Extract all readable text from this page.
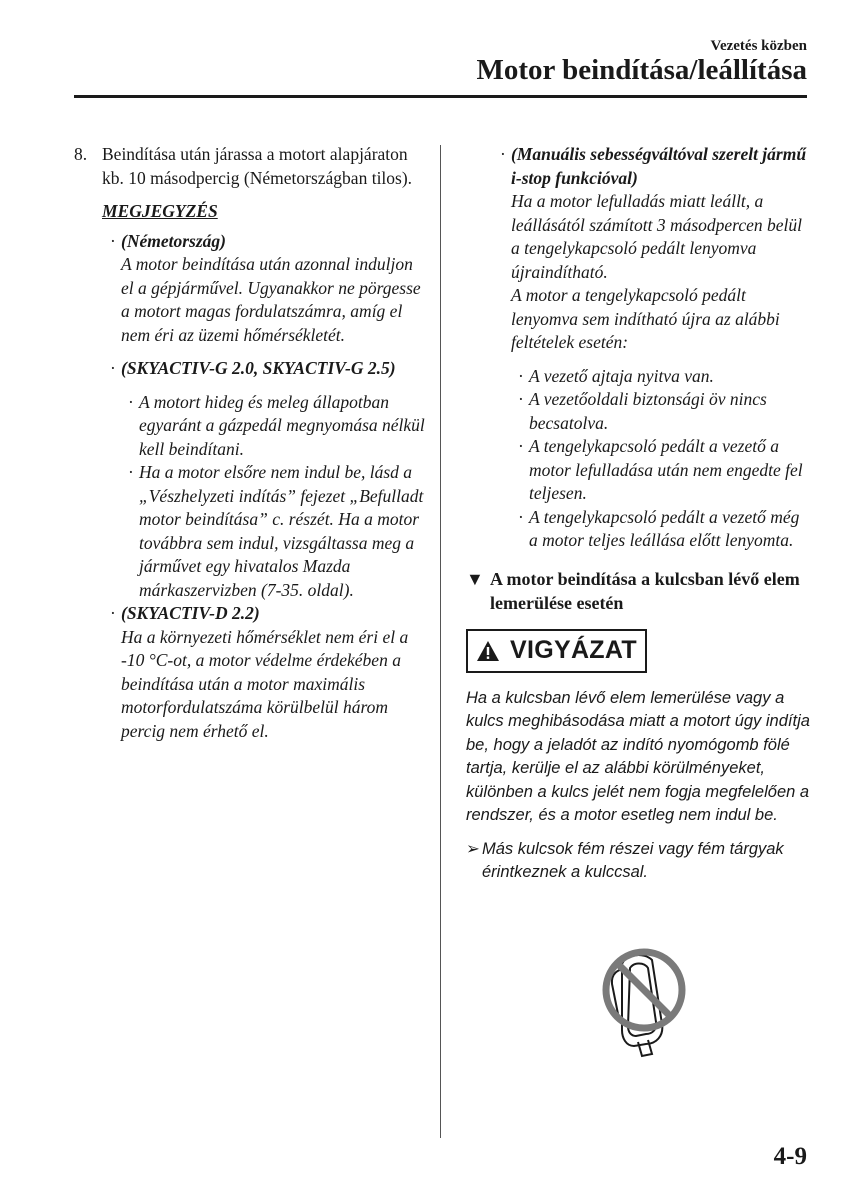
Vezetés közben
Motor beindítása/leállítása
8. Beindítása után járassa a motort alapjáraton kb. 10 másodpercig (Németországban tilos).
MEGJEGYZÉS
· (Németország)
A motor beindítása után azonnal induljon el a gépjárművel. Ugyanakkor ne pörgesse a motort magas fordulatszámra, amíg el nem éri az üzemi hőmérsékletét.
· (SKYACTIV-G 2.0, SKYACTIV-G 2.5)
· A motort hideg és meleg állapotban egyaránt a gázpedál megnyomása nélkül kell beindítani.
· Ha a motor elsőre nem indul be, lásd a „Vészhelyzeti indítás” fejezet „Befulladt motor beindítása” c. részét. Ha a motor továbbra sem indul, vizsgáltassa meg a járművet egy hivatalos Mazda márkaszervizben (7-35. oldal).
· (SKYACTIV-D 2.2)
Ha a környezeti hőmérséklet nem éri el a -10 °C-ot, a motor védelme érdekében a beindítása után a motor maximális motorfordulatszáma körülbelül három percig nem érhető el.
· (Manuális sebességváltóval szerelt jármű i-stop funkcióval)
Ha a motor lefulladás miatt leállt, a leállásától számított 3 másodpercen belül a tengelykapcsoló pedált lenyomva újraindítható.
A motor a tengelykapcsoló pedált lenyomva sem indítható újra az alábbi feltételek esetén:
· A vezető ajtaja nyitva van.
· A vezetőoldali biztonsági öv nincs becsatolva.
· A tengelykapcsoló pedált a vezető a motor lefulladása után nem engedte fel teljesen.
· A tengelykapcsoló pedált a vezető még a motor teljes leállása előtt lenyomta.
▼ A motor beindítása a kulcsban lévő elem lemerülése esetén
VIGYÁZAT
Ha a kulcsban lévő elem lemerülése vagy a kulcs meghibásodása miatt a motort úgy indítja be, hogy a jeladót az indító nyomógomb fölé tartja, kerülje el az alábbi körülményeket, különben a kulcs jelét nem fogja megfelelően a rendszer, és a motor esetleg nem indul be.
➢ Más kulcsok fém részei vagy fém tárgyak érintkeznek a kulccsal.
4-9
